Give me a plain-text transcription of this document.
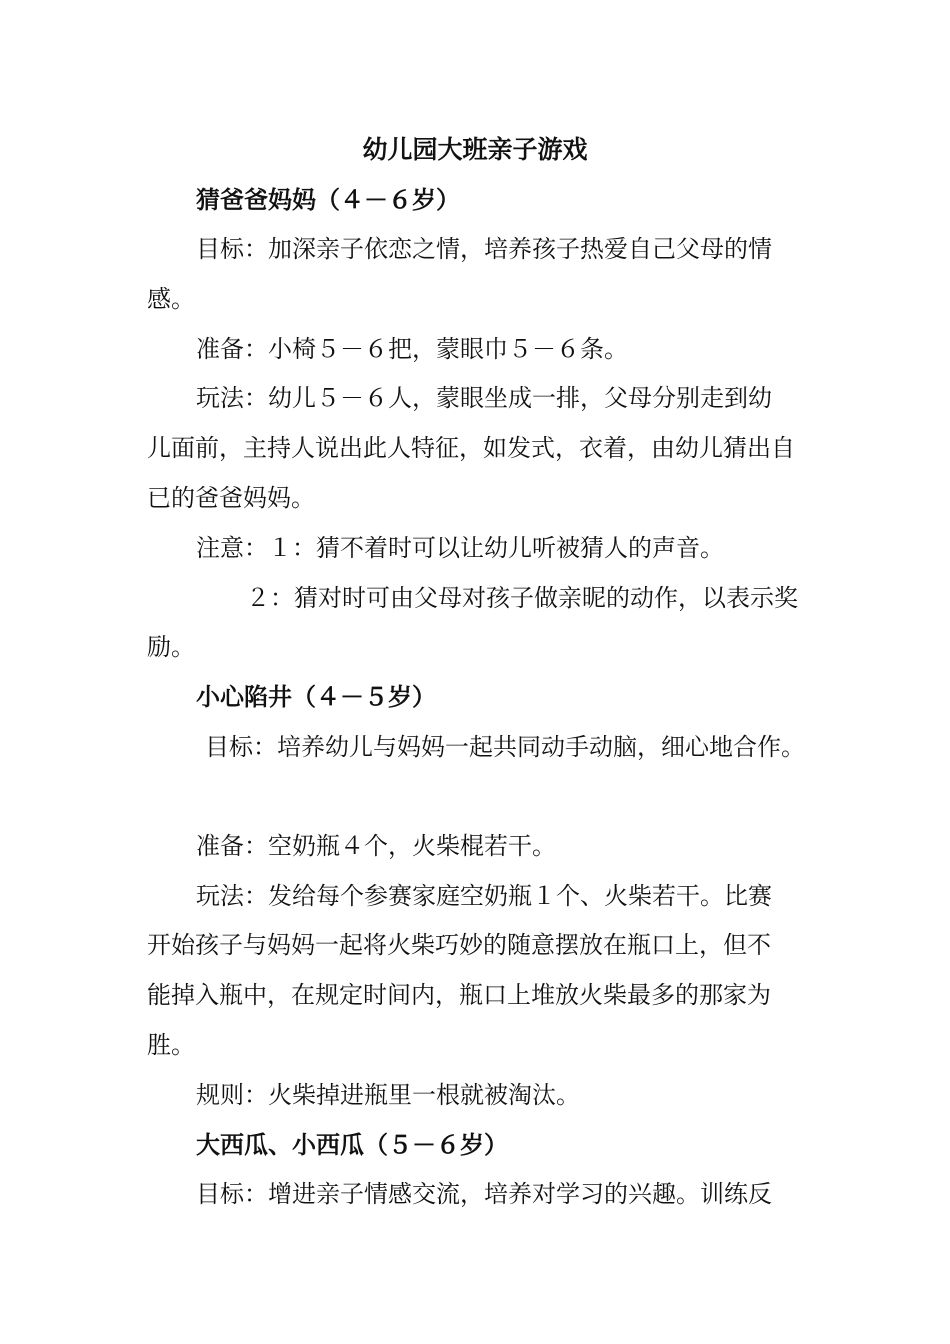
幼儿园大班亲子游戏
猜爸爸妈妈（４－６岁）
目标：加深亲子依恋之情，培养孩子热爱自己父母的情
感。
准备：小椅５－６把，蒙眼巾５－６条。
玩法：幼儿５－６人，蒙眼坐成一排，父母分别走到幼
儿面前，主持人说出此人特征，如发式，衣着，由幼儿猜出自
已的爸爸妈妈。
注意：１：猜不着时可以让幼儿听被猜人的声音。
２：猜对时可由父母对孩子做亲昵的动作，以表示奖
励。
小心陷井（４－５岁）
目标：培养幼儿与妈妈一起共同动手动脑，细心地合作。
准备：空奶瓶４个，火柴棍若干。
玩法：发给每个参赛家庭空奶瓶１个、火柴若干。比赛
开始孩子与妈妈一起将火柴巧妙的随意摆放在瓶口上，但不
能掉入瓶中，在规定时间内，瓶口上堆放火柴最多的那家为
胜。
规则：火柴掉进瓶里一根就被淘汰。
大西瓜、小西瓜（５－６岁）
目标：增进亲子情感交流，培养对学习的兴趣。训练反
